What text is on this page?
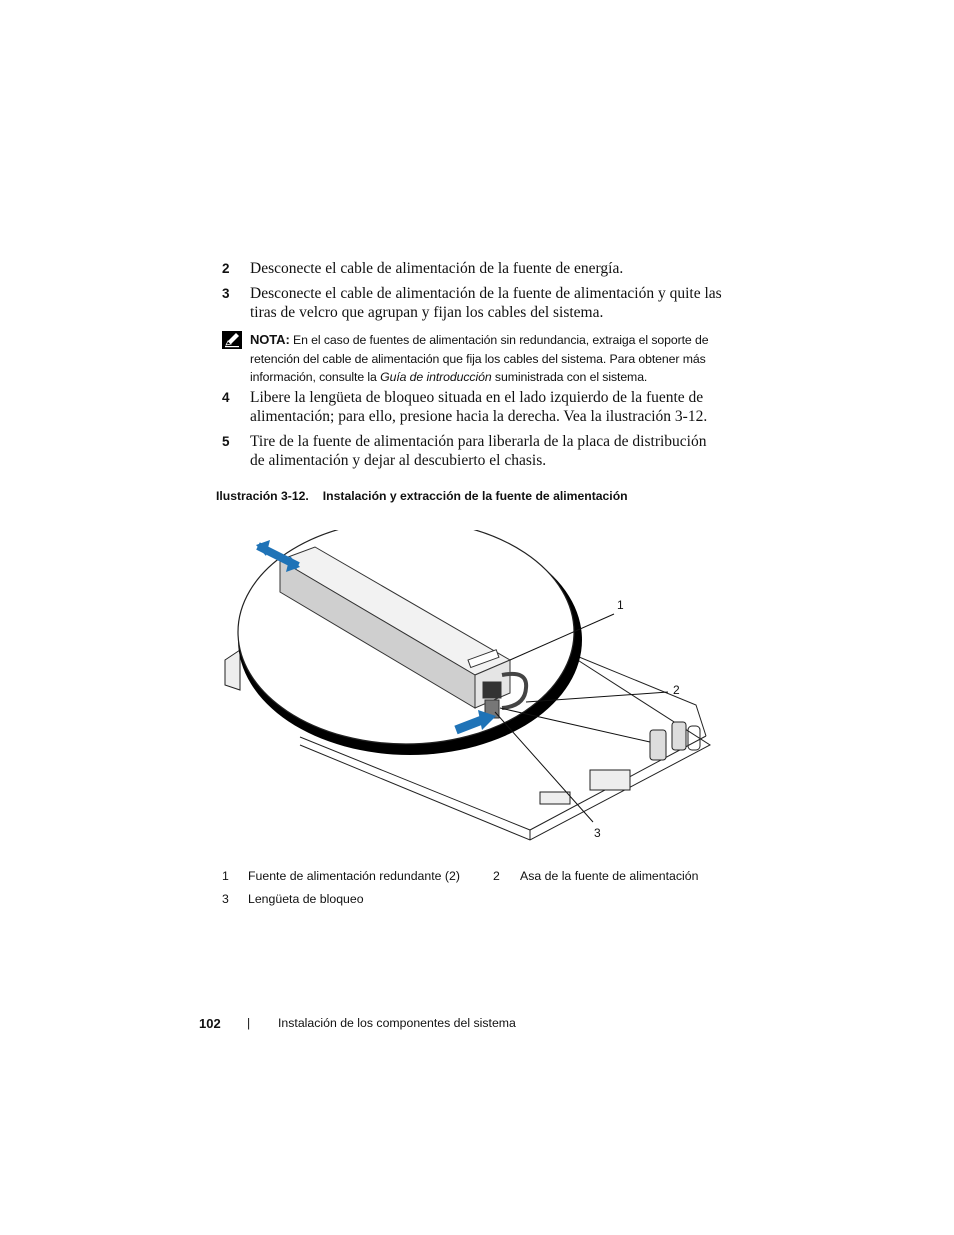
2 Desconecte el cable de alimentación de la fuente de energía.
3 Desconecte el cable de alimentación de la fuente de alimentación y quite las tiras de velcro que agrupan y fijan los cables del sistema.
NOTA: En el caso de fuentes de alimentación sin redundancia, extraiga el soporte de retención del cable de alimentación que fija los cables del sistema. Para obtener más información, consulte la Guía de introducción suministrada con el sistema.
4 Libere la lengüeta de bloqueo situada en el lado izquierdo de la fuente de alimentación; para ello, presione hacia la derecha. Vea la ilustración 3-12.
5 Tire de la fuente de alimentación para liberarla de la placa de distribución de alimentación y dejar al descubierto el chasis.
Ilustración 3-12. Instalación y extracción de la fuente de alimentación
1
2
3
1 Fuente de alimentación redundante (2)	2 Asa de la fuente de alimentación
3 Lengüeta de bloqueo
102 | Instalación de los componentes del sistema
